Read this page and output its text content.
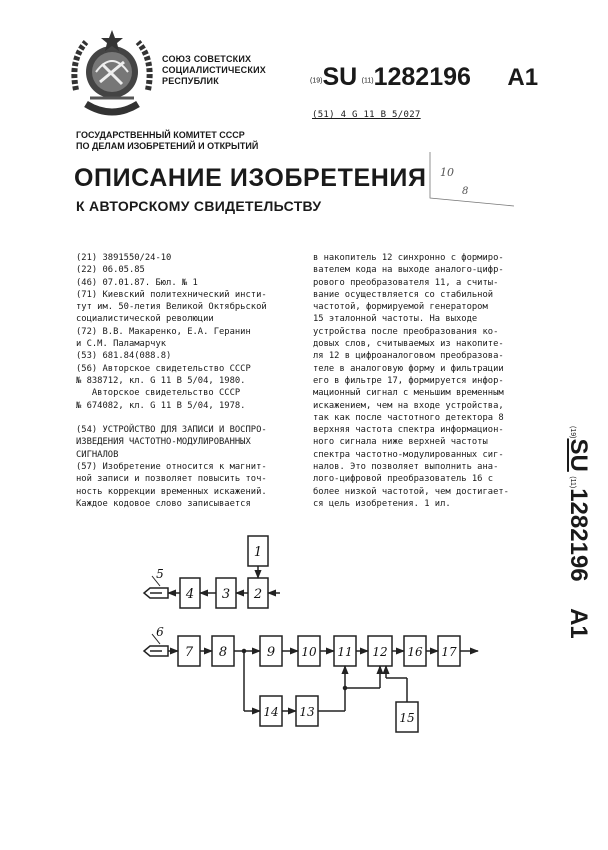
СОЮЗ СОВЕТСКИХ
СОЦИАЛИСТИЧЕСКИХ
РЕСПУБЛИК	(19)SU (11)1282196 A1
(51) 4 G 11 B 5/027
ГОСУДАРСТВЕННЫЙ КОМИТЕТ СССР
ПО ДЕЛАМ ИЗОБРЕТЕНИЙ И ОТКРЫТИЙ
ОПИСАНИЕ ИЗОБРЕТЕНИЯ
К АВТОРСКОМУ СВИДЕТЕЛЬСТВУ
10
8
(21) 3891550/24-10
(22) 06.05.85
(46) 07.01.87. Бюл. № 1
(71) Киевский политехнический инсти-
тут им. 50-летия Великой Октябрьской
социалистической революции
(72) В.В. Макаренко, Е.А. Геранин
и С.М. Паламарчук
(53) 681.84(088.8)
(56) Авторское свидетельство СССР
№ 838712, кл. G 11 B 5/04, 1980.
Авторское свидетельство СССР
№ 674082, кл. G 11 B 5/04, 1978.

(54) УСТРОЙСТВО ДЛЯ ЗАПИСИ И ВОСПРО-
ИЗВЕДЕНИЯ ЧАСТОТНО-МОДУЛИРОВАННЫХ
СИГНАЛОВ
(57) Изобретение относится к магнит-
ной записи и позволяет повысить точ-
ность коррекции временных искажений.
Каждое кодовое слово записывается
в накопитель 12 синхронно с формиро-
вателем кода на выходе аналого-цифр-
рового преобразователя 11, а считы-
вание осуществляется со стабильной
частотой, формируемой генератором
15 эталонной частоты. На выходе
устройства после преобразования ко-
довых слов, считываемых из накопите-
ля 12 в цифроаналоговом преобразова-
теле в аналоговую форму и фильтрации
его в фильтре 17, формируется инфор-
мационный сигнал с меньшим временным
искажением, чем на входе устройства,
так как после частотного детектора 8
верхняя частота спектра информацион-
ного сигнала ниже верхней частоты
спектра частотно-модулированных сиг-
налов. Это позволяет выполнить ана-
лого-цифровой преобразователь 16 с
более низкой частотой, чем достигает-
ся цель изобретения. 1 ил.
(19)SU (11)1282196 A1
1
2
3
4
7 8	9 10 11 12 16 17
14 13	15
5
6
